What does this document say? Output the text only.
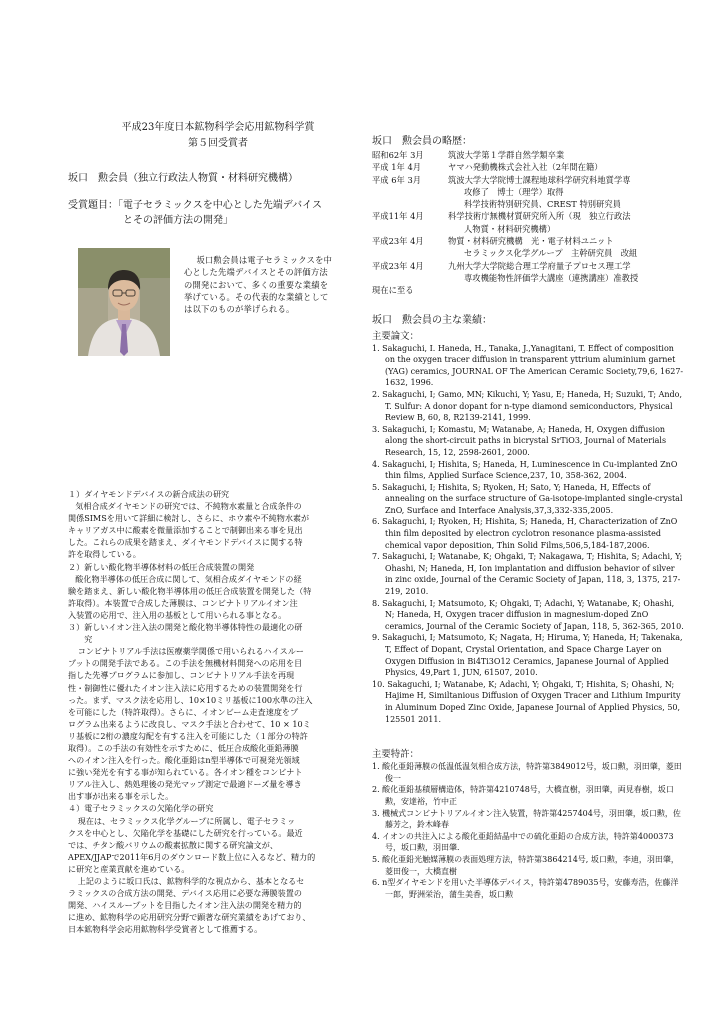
平成23年度日本鉱物科学会応用鉱物科学賞
第５回受賞者
坂口　勲会員（独立行政法人物質・材料研究機構）
受賞題目：「電子セラミックスを中心とした先端デバイス
とその評価方法の開発」
坂口勲会員は電子セラミックスを中
心とした先端デバイスとその評価方法
の開発において、多くの重要な業績を
挙げている。その代表的な業績として
は以下のものが挙げられる。
１）ダイヤモンドデバイスの新合成法の研究
気相合成ダイヤモンドの研究では、不純物水素量と合成条件の
関係SIMSを用いて詳細に検討し、さらに、ホウ素や不純物水素が
キャリアガス中に酸素を微量添加することで制御出来る事を見出
した。これらの成果を踏まえ、ダイヤモンドデバイスに関する特
許を取得している。
２）新しい酸化物半導体材料の低圧合成装置の開発
酸化物半導体の低圧合成に関して、気相合成ダイヤモンドの経
験を踏まえ、新しい酸化物半導体用の低圧合成装置を開発した（特
許取得）。本装置で合成した薄膜は、コンビナトリアルイオン注
入装置の応用で、注入用の基板として用いられる事となる。
３）新しいイオン注入法の開発と酸化物半導体特性の最適化の研
　　究
コンビナトリアル手法は医療薬学関係で用いられるハイスルー
プットの開発手法である。この手法を無機材料開発への応用を目
指した先導プログラムに参加し、コンビナトリアル手法を再現
性・制御性に優れたイオン注入法に応用するための装置開発を行
った。まず、マスク法を応用し、10×10ミリ基板に100水準の注入
を可能にした（特許取得）。さらに、イオンビーム走査速度をプ
ログラム出来るように改良し、マスク手法と合わせて、10 × 10ミ
リ基板に2桁の濃度勾配を有する注入を可能にした（１部分の特許
取得）。この手法の有効性を示すために、低圧合成酸化亜鉛薄膜
へのイオン注入を行った。酸化亜鉛はn型半導体で可視発光領域
に強い発光を有する事が知られている。各イオン種をコンビナト
リアル注入し、熱処理後の発光マップ測定で最適ドーズ量を導き
出す事が出来る事を示した。
４）電子セラミックスの欠陥化学の研究
現在は、セラミックス化学グループに所属し、電子セラミッ
クスを中心とし、欠陥化学を基礎にした研究を行っている。最近
では、チタン酸バリウムの酸素拡散に関する研究論文が、
APEX/JJAPで2011年6月のダウンロード数上位に入るなど、精力的
に研究と産業貢献を進めている。
上記のように坂口氏は、鉱物科学的な視点から、基本となるセ
ラミックスの合成方法の開発、デバイス応用に必要な薄膜装置の
開発、ハイスループットを目指したイオン注入法の開発を精力的
に進め、鉱物科学の応用研究分野で顕著な研究業績をあげており、
日本鉱物科学会応用鉱物科学受賞者として推薦する。
坂口　勲会員の略歴：
昭和62年 3月	筑波大学第１学群自然学類卒業
平成 1年 4月	ヤマハ発動機株式会社入社（2年間在籍）
平成 6年 3月	筑波大学大学院博士課程地球科学研究科地質学専
攻修了　博士（理学）取得
科学技術特別研究員、CREST 特別研究員
平成11年 4月	科学技術庁無機材質研究所入所（現　独立行政法
人物質・材料研究機構）
平成23年 4月	物質・材料研究機構　光・電子材料ユニット
セラミックス化学グループ　主幹研究員　改組
平成23年 4月	九州大学大学院総合理工学府量子プロセス理工学
専攻機能物性評価学大講座（連携講座）准教授
現在に至る
坂口　勲会員の主な業績：
主要論文：
1. Sakaguchi, I. Haneda, H., Tanaka, J.,Yanagitani, T. Effect of composition on the oxygen tracer diffusion in transparent yttrium aluminium garnet (YAG) ceramics, JOURNAL OF The American Ceramic Society,79,6, 1627-1632, 1996.
2. Sakaguchi, I; Gamo, MN; Kikuchi, Y; Yasu, E; Haneda, H; Suzuki, T; Ando, T. Sulfur: A donor dopant for n-type diamond semiconductors, Physical Review B, 60, 8, R2139-2141, 1999.
3. Sakaguchi, I; Komastu, M; Watanabe, A; Haneda, H, Oxygen diffusion along the short-circuit paths in bicrystal SrTiO3, Journal of Materials Research, 15, 12, 2598-2601, 2000.
4. Sakaguchi, I; Hishita, S; Haneda, H, Luminescence in Cu-implanted ZnO thin films, Applied Surface Science,237, 10, 358-362, 2004.
5. Sakaguchi, I; Hishita, S; Ryoken, H; Sato, Y; Haneda, H, Effects of annealing on the surface structure of Ga-isotope-implanted single-crystal ZnO, Surface and Interface Analysis,37,3,332-335,2005.
6. Sakaguchi, I; Ryoken, H; Hishita, S; Haneda, H, Characterization of ZnO thin film deposited by electron cyclotron resonance plasma-assisted chemical vapor deposition, Thin Solid Films,506,5,184-187,2006.
7. Sakaguchi, I; Watanabe, K; Ohgaki, T; Nakagawa, T; Hishita, S; Adachi, Y; Ohashi, N; Haneda, H, Ion implantation and diffusion behavior of silver in zinc oxide, Journal of the Ceramic Society of Japan, 118, 3, 1375, 217-219, 2010.
8. Sakaguchi, I; Matsumoto, K; Ohgaki, T; Adachi, Y; Watanabe, K; Ohashi, N; Haneda, H, Oxygen tracer diffusion in magnesium-doped ZnO ceramics, Journal of the Ceramic Society of Japan, 118, 5, 362-365, 2010.
9. Sakaguchi, I; Matsumoto, K; Nagata, H; Hiruma, Y; Haneda, H; Takenaka, T, Effect of Dopant, Crystal Orientation, and Space Charge Layer on Oxygen Diffusion in Bi4Ti3O12 Ceramics, Japanese Journal of Applied Physics, 49,Part 1, JUN, 61507, 2010.
10. Sakaguchi, I; Watanabe, K; Adachi, Y; Ohgaki, T; Hishita, S; Ohashi, N; Hajime H, Similtanious Diffusion of Oxygen Tracer and Lithium Impurity in Aluminum Doped Zinc Oxide, Japanese Journal of Applied Physics, 50, 125501 2011.
主要特許：
1. 酸化亜鉛薄膜の低温低温気相合成方法，特許第3849012号，坂口勲，羽田肇，菱田俊一
2. 酸化亜鉛基積層構造体，特許第4210748号，大橋直樹，羽田肇，両見春樹，坂口勲，安達裕，竹中正
3. 機械式コンビナトリアルイオン注入装置，特許第4257404号，羽田肇，坂口勲，佐藤芳之，鈴木峰春
4. イオンの共注入による酸化亜鉛結晶中での硫化亜鉛の合成方法，特許第4000373号，坂口勲，羽田肇．
5. 酸化亜鉛光触媒薄膜の表面処理方法，特許第3864214号, 坂口勲，李迪，羽田肇，菱田俊一，大橋直樹
6. n型ダイヤモンドを用いた半導体デバイス，特許第4789035号，安藤寿浩，佐藤洋一郎，野洲栄治，蒲生美香，坂口勲
